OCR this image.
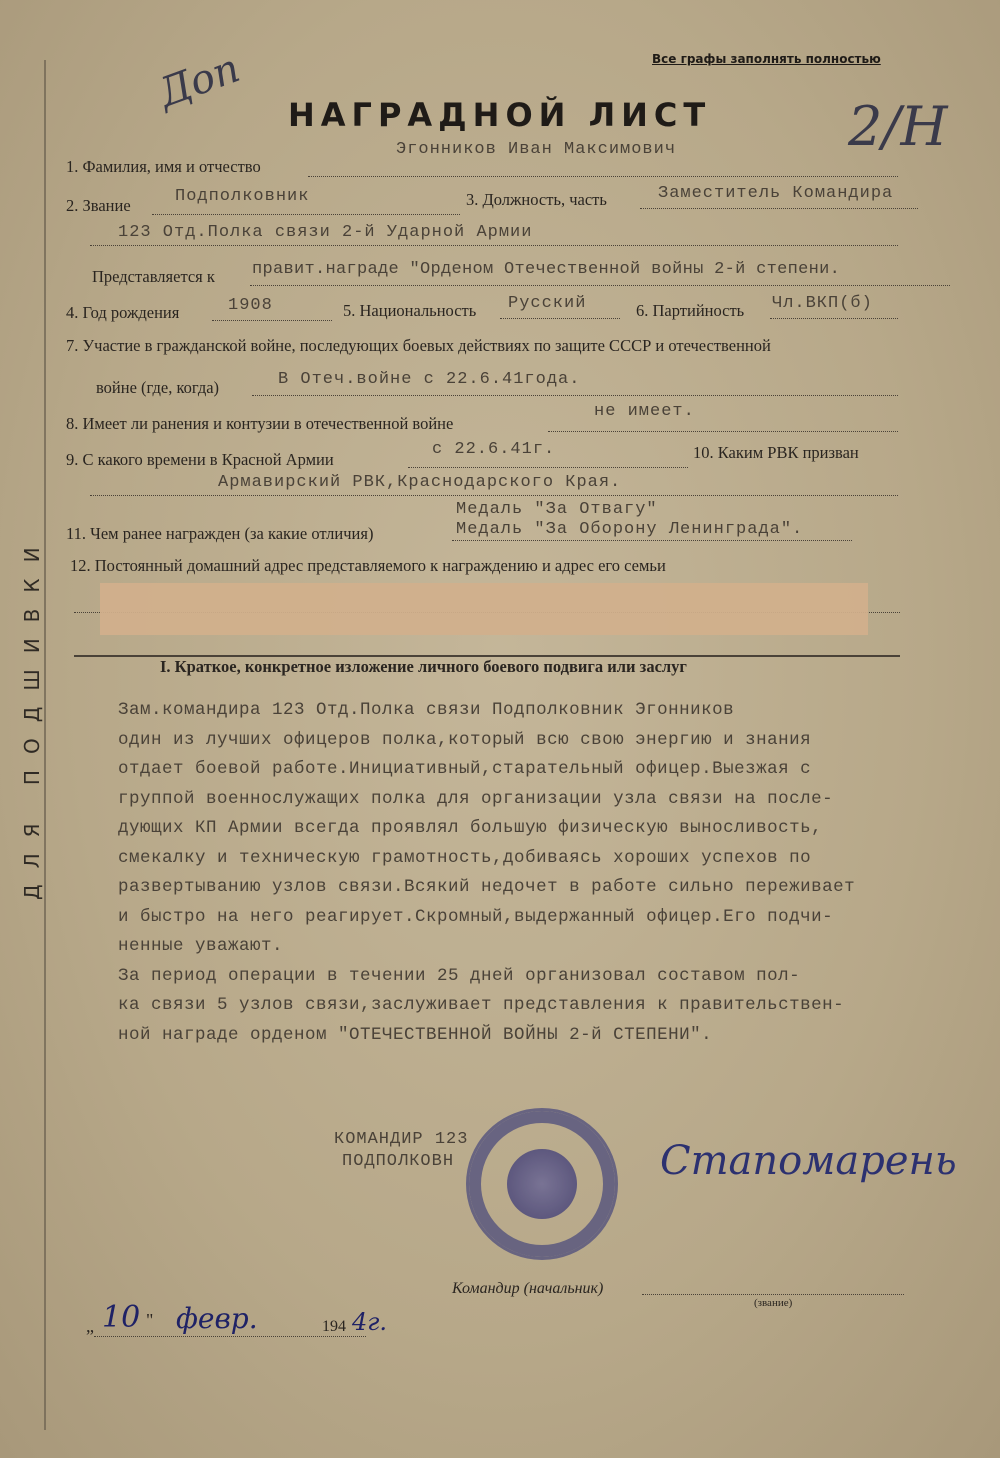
ДЛЯ ПОДШИВКИ
Доп
2/Н
Все графы заполнять полностью
НАГРАДНОЙ ЛИСТ
1. Фамилия, имя и отчество
Эгонников Иван Максимович
2. Звание	Подполковник	3. Должность, часть	Заместитель Командира
123 Отд.Полка связи 2-й Ударной Армии
Представляется к правит.награде "Орденом Отечественной войны 2-й степени.
4. Год рождения	1908	5. Национальность Русский	6. Партийность Чл.ВКП(б)
7. Участие в гражданской войне, последующих боевых действиях по защите СССР и отечественной
войне (где, когда)	В Отеч.войне с 22.6.41года.
8. Имеет ли ранения и контузии в отечественной войне
не имеет.
9. С какого времени в Красной Армии
с 22.6.41г.	10. Каким РВК призван
Армавирский РВК,Краснодарского Края.
11. Чем ранее награжден (за какие отличия)
Медаль "За Отвагу"
Медаль "За Оборону Ленинграда".
12. Постоянный домашний адрес представляемого к награждению и адрес его семьи
I. Краткое, конкретное изложение личного боевого подвига или заслуг

Зам.командира 123 Отд.Полка связи Подполковник Эгонников

один из лучших офицеров полка,который всю свою энергию и знания

отдает боевой работе.Инициативный,старательный офицер.Выезжая с

группой военнослужащих полка для организации узла связи на после-

дующих КП Армии всегда проявлял большую физическую выносливость,

смекалку и техническую грамотность,добиваясь хороших успехов по

развертыванию узлов связи.Всякий недочет в работе сильно переживает

и быстро на него реагирует.Скромный,выдержанный офицер.Его подчи-

ненные уважают.

За период операции в течении 25 дней организовал составом пол-

ка связи 5 узлов связи,заслуживает представления к правительствен-

ной награде орденом "ОТЕЧЕСТВЕННОЙ ВОЙНЫ 2-й СТЕПЕНИ".

КОМАНДИР 123
ПОДПОЛКОВН	Стапомарень
Командир (начальник)
(звание)
„ 10 " февр.	194 4г.
